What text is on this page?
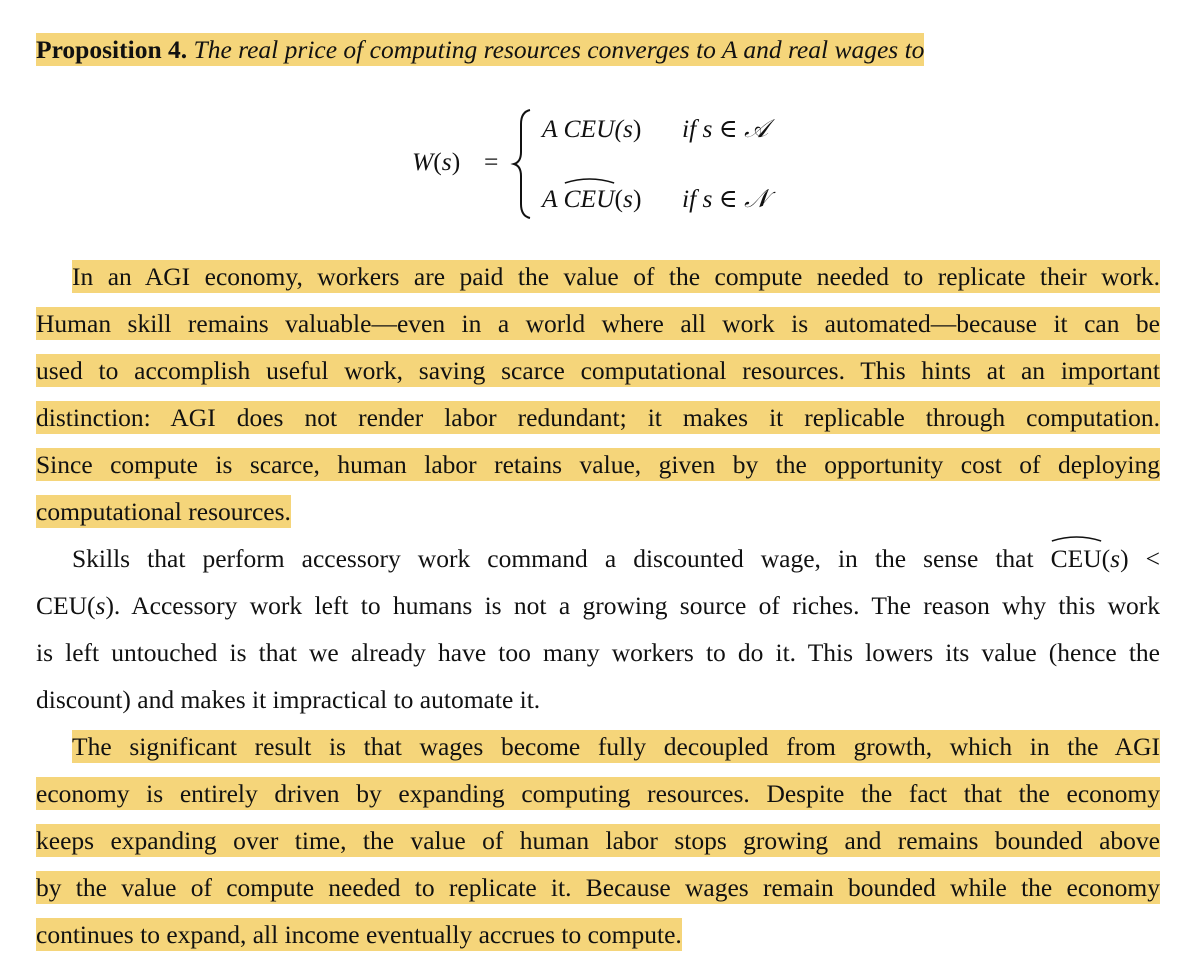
Proposition 4. The real price of computing resources converges to A and real wages to
W(s) =
A CEU(s) if s ∈ 𝒜
A CEU
(s) if s ∈ 𝒩
In an AGI economy, workers are paid the value of the compute needed to replicate their work.
Human skill remains valuable—even in a world where all work is automated—because it can be
used to accomplish useful work, saving scarce computational resources. This hints at an important
distinction: AGI does not render labor redundant; it makes it replicable through computation.
Since compute is scarce, human labor retains value, given by the opportunity cost of deploying
computational resources.
Skills that perform accessory work command a discounted wage, in the sense that CEU
(s) <
CEU(s). Accessory work left to humans is not a growing source of riches. The reason why this work
is left untouched is that we already have too many workers to do it. This lowers its value (hence the
discount) and makes it impractical to automate it.
The significant result is that wages become fully decoupled from growth, which in the AGI
economy is entirely driven by expanding computing resources. Despite the fact that the economy
keeps expanding over time, the value of human labor stops growing and remains bounded above
by the value of compute needed to replicate it. Because wages remain bounded while the economy
continues to expand, all income eventually accrues to compute.
